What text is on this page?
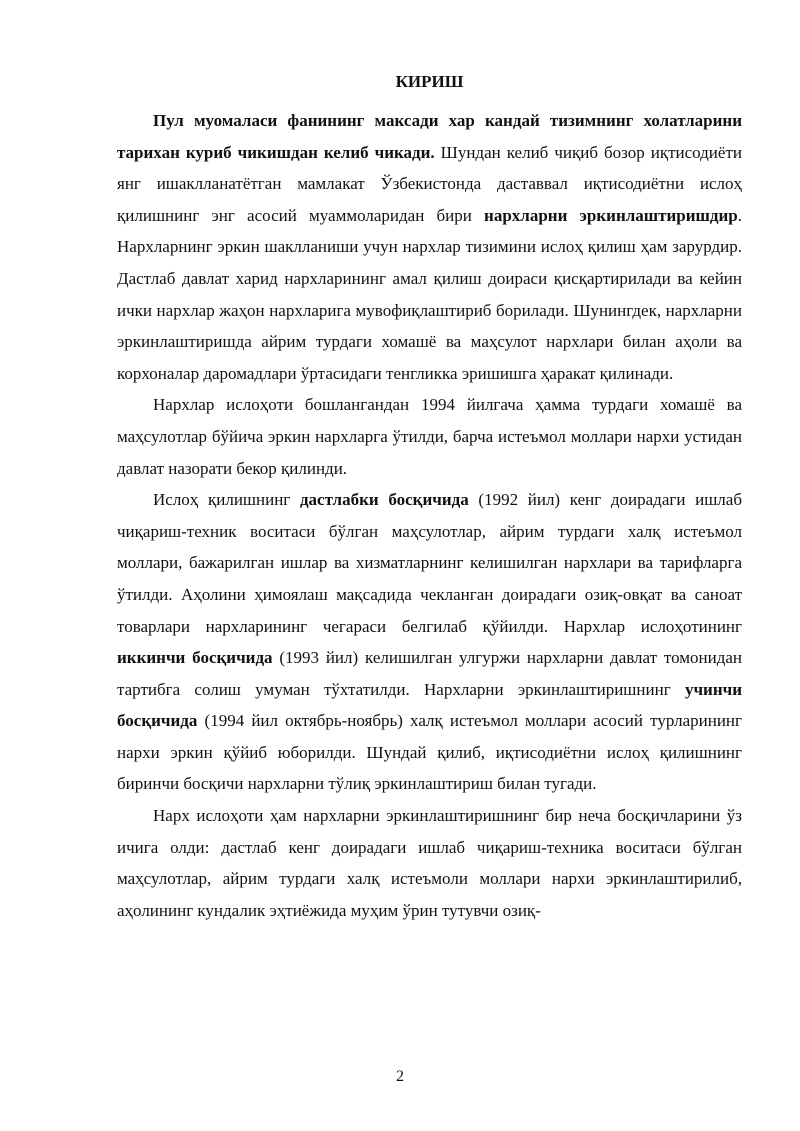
КИРИШ

Пул муомаласи фанининг максади хар кандай тизимнинг холатларини тарихан куриб чикишдан келиб чикади. Шундан келиб чиқиб бозор иқтисодиёти янг ишаклланатётган мамлакат Ўзбекистонда даставвал иқтисодиётни ислоҳ қилишнинг энг асосий муаммоларидан бири нархларни эркинлаштиришдир. Нархларнинг эркин шаклланиши учун нархлар тизимини ислоҳ қилиш ҳам зарурдир. Дастлаб давлат харид нархларининг амал қилиш доираси қисқартирилади ва кейин ички нархлар жаҳон нархларига мувофиқлаштириб борилади. Шунингдек, нархларни эркинлаштиришда айрим турдаги хомашё ва маҳсулот нархлари билан аҳоли ва корхоналар даромадлари ўртасидаги тенгликка эришишга ҳаракат қилинади.

Нархлар ислоҳоти бошлангандан 1994 йилгача ҳамма турдаги хомашё ва маҳсулотлар бўйича эркин нархларга ўтилди, барча истеъмол моллари нархи устидан давлат назорати бекор қилинди.

Ислоҳ қилишнинг дастлабки босқичида (1992 йил) кенг доирадаги ишлаб чиқариш-техник воситаси бўлган маҳсулотлар, айрим турдаги халқ истеъмол моллари, бажарилган ишлар ва хизматларнинг келишилган нархлари ва тарифларга ўтилди. Аҳолини ҳимоялаш мақсадида чекланган доирадаги озиқ-овқат ва саноат товарлари нархларининг чегараси белгилаб қўйилди. Нархлар ислоҳотининг иккинчи босқичида (1993 йил) келишилган улгуржи нархларни давлат томонидан тартибга солиш умуман тўхтатилди. Нархларни эркинлаштиришнинг учинчи босқичида (1994 йил октябрь-ноябрь) халқ истеъмол моллари асосий турларининг нархи эркин қўйиб юборилди. Шундай қилиб, иқтисодиётни ислоҳ қилишнинг биринчи босқичи нархларни тўлиқ эркинлаштириш билан тугади.

Нарх ислоҳоти ҳам нархларни эркинлаштиришнинг бир неча босқичларини ўз ичига олди: дастлаб кенг доирадаги ишлаб чиқариш-техника воситаси бўлган маҳсулотлар, айрим турдаги халқ истеъмоли моллари нархи эркинлаштирилиб, аҳолининг кундалик эҳтиёжида муҳим ўрин тутувчи озиқ-

2
